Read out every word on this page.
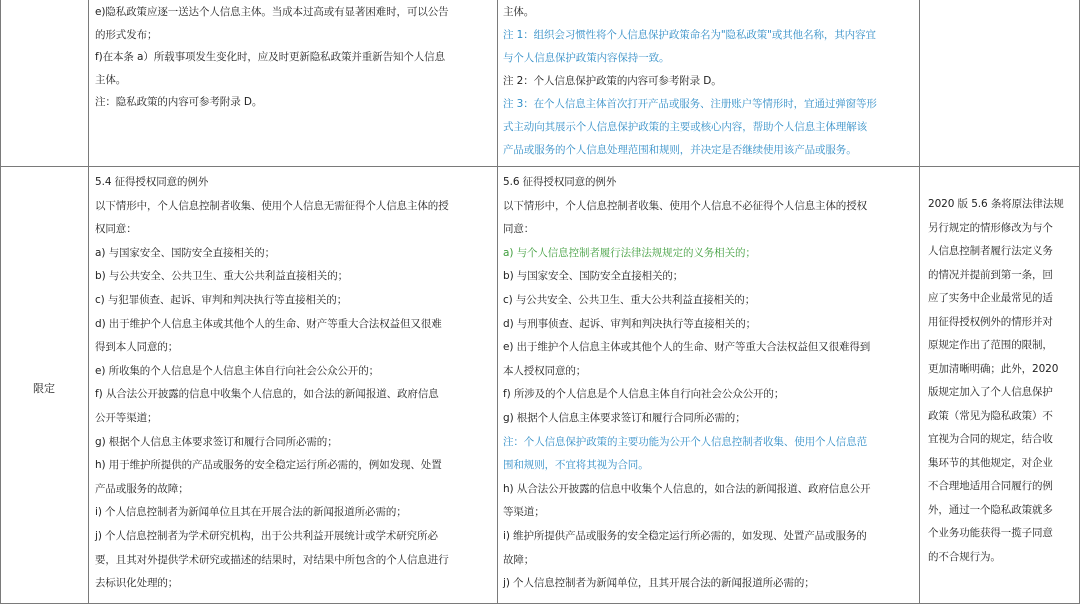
e)隐私政策应逐一送达个人信息主体。当成本过高或有显著困难时，可以公告
的形式发布；
f)在本条 a）所载事项发生变化时，应及时更新隐私政策并重新告知个人信息
主体。
注：隐私政策的内容可参考附录 D。
主体。
注 1：组织会习惯性将个人信息保护政策命名为"隐私政策"或其他名称，其内容宜
与个人信息保护政策内容保持一致。
注 2：个人信息保护政策的内容可参考附录 D。
注 3：在个人信息主体首次打开产品或服务、注册账户等情形时，宜通过弹窗等形
式主动向其展示个人信息保护政策的主要或核心内容，帮助个人信息主体理解该
产品或服务的个人信息处理范围和规则，并决定是否继续使用该产品或服务。
限定
5.4 征得授权同意的例外
以下情形中，个人信息控制者收集、使用个人信息无需征得个人信息主体的授
权同意：
a) 与国家安全、国防安全直接相关的；
b) 与公共安全、公共卫生、重大公共利益直接相关的；
c) 与犯罪侦查、起诉、审判和判决执行等直接相关的；
d) 出于维护个人信息主体或其他个人的生命、财产等重大合法权益但又很难
得到本人同意的；
e) 所收集的个人信息是个人信息主体自行向社会公众公开的；
f) 从合法公开披露的信息中收集个人信息的，如合法的新闻报道、政府信息
公开等渠道；
g) 根据个人信息主体要求签订和履行合同所必需的；
h) 用于维护所提供的产品或服务的安全稳定运行所必需的，例如发现、处置
产品或服务的故障；
i) 个人信息控制者为新闻单位且其在开展合法的新闻报道所必需的；
j) 个人信息控制者为学术研究机构，出于公共利益开展统计或学术研究所必
要，且其对外提供学术研究或描述的结果时，对结果中所包含的个人信息进行
去标识化处理的；
5.6 征得授权同意的例外
以下情形中，个人信息控制者收集、使用个人信息不必征得个人信息主体的授权
同意：
a) 与个人信息控制者履行法律法规规定的义务相关的；
b) 与国家安全、国防安全直接相关的；
c) 与公共安全、公共卫生、重大公共利益直接相关的；
d) 与刑事侦查、起诉、审判和判决执行等直接相关的；
e) 出于维护个人信息主体或其他个人的生命、财产等重大合法权益但又很难得到
本人授权同意的；
f) 所涉及的个人信息是个人信息主体自行向社会公众公开的；
g) 根据个人信息主体要求签订和履行合同所必需的；
注：个人信息保护政策的主要功能为公开个人信息控制者收集、使用个人信息范
围和规则，不宜将其视为合同。
h) 从合法公开披露的信息中收集个人信息的，如合法的新闻报道、政府信息公开
等渠道；
i) 维护所提供产品或服务的安全稳定运行所必需的，如发现、处置产品或服务的
故障；
j) 个人信息控制者为新闻单位，且其开展合法的新闻报道所必需的；
2020 版 5.6 条将原法律法规
另行规定的情形修改为与个
人信息控制者履行法定义务
的情况并提前到第一条，回
应了实务中企业最常见的适
用征得授权例外的情形并对
原规定作出了范围的限制，
更加清晰明确；此外，2020
版规定加入了个人信息保护
政策（常见为隐私政策）不
宜视为合同的规定，结合收
集环节的其他规定，对企业
不合理地适用合同履行的例
外，通过一个隐私政策就多
个业务功能获得一揽子同意
的不合规行为。
